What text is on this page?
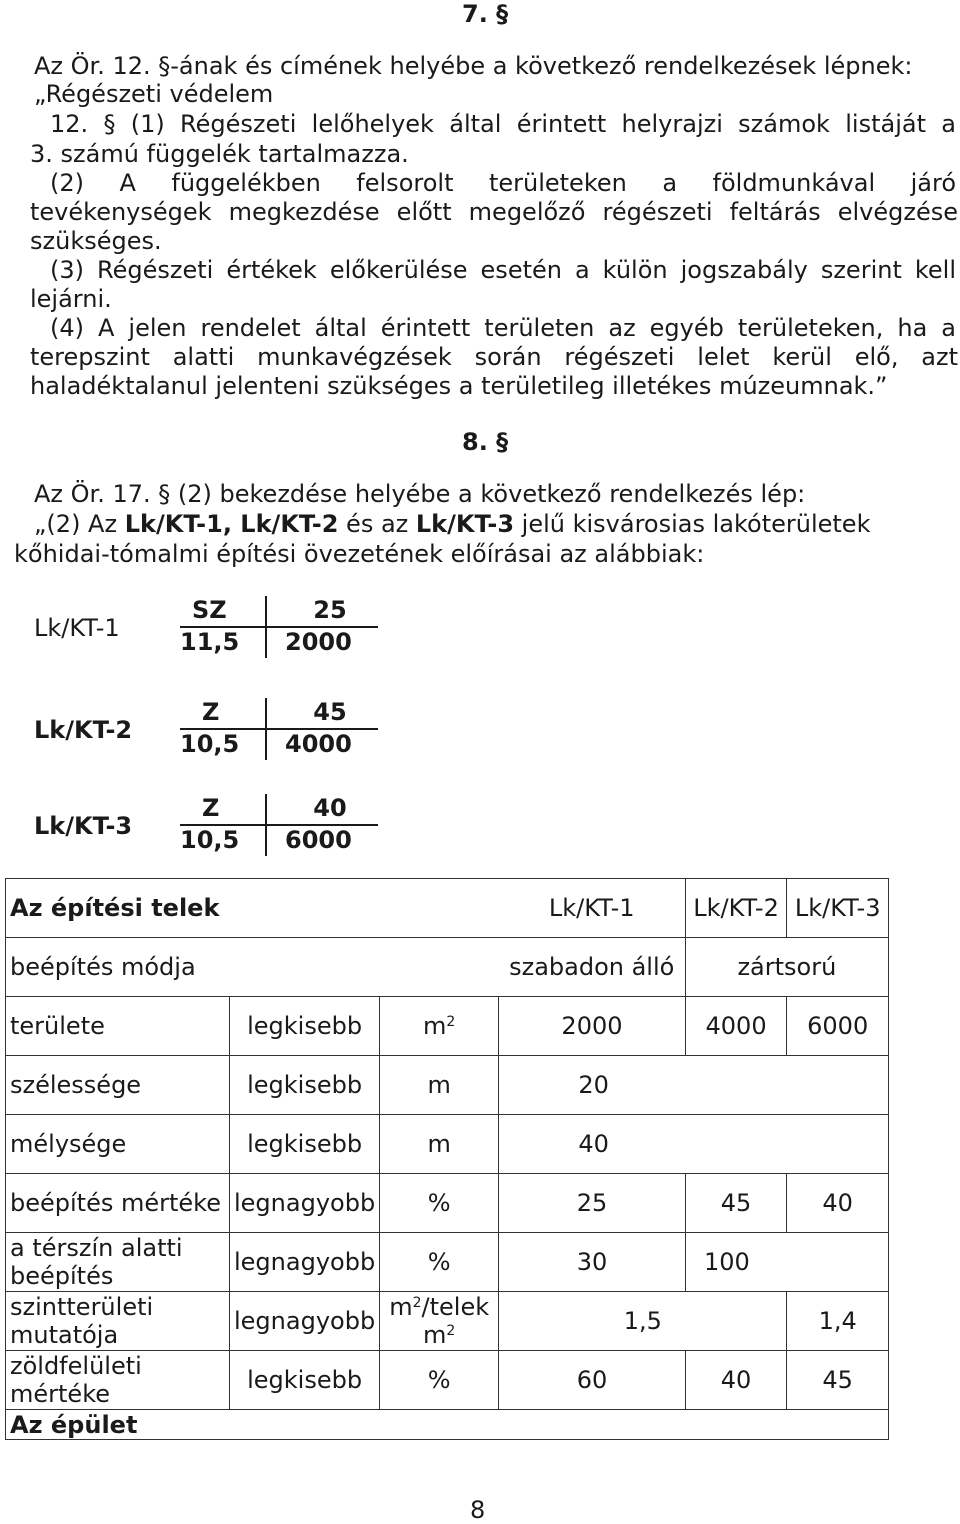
7. §
Az Ör. 12. §-ának és címének helyébe a következő rendelkezések lépnek:
„Régészeti védelem
12. § (1) Régészeti lelőhelyek által érintett helyrajzi számok listáját a
3. számú függelék tartalmazza.
(2) A függelékben felsorolt területeken a földmunkával járó
tevékenységek megkezdése előtt megelőző régészeti feltárás elvégzése
szükséges.
(3) Régészeti értékek előkerülése esetén a külön jogszabály szerint kell
lejárni.
(4) A jelen rendelet által érintett területen az egyéb területeken, ha a
terepszint alatti munkavégzések során régészeti lelet kerül elő, azt
haladéktalanul jelenteni szükséges a területileg illetékes múzeumnak.”
8. §
Az Ör. 17. § (2) bekezdése helyébe a következő rendelkezés lép:
„(2) Az Lk/KT-1, Lk/KT-2 és az Lk/KT-3 jelű kisvárosias lakóterületek
kőhidai-tómalmi építési övezetének előírásai az alábbiak:
Lk/KT-1
SZ	25
11,5 2000
Lk/KT-2
Z	45
10,5 4000
Lk/KT-3
Z	40
10,5 6000
Az építési telek			Lk/KT-1	Lk/KT-2	Lk/KT-3
beépítés módja			szabadon álló	zártsorú	
területe	legkisebb	$m^2$	2000	4000	6000
szélessége	legkisebb	m	20		
mélysége	legkisebb	m	40		
beépítés mértéke	legnagyobb	%	25	45	40
a térszín alatti beépítés	legnagyobb	%	30	100	
szintterületi mutatója	legnagyobb	$m^2$/telek $m^2$	1,5		1,4
zöldfelületi mértéke	legkisebb	%	60	40	45
Az épület					
8
